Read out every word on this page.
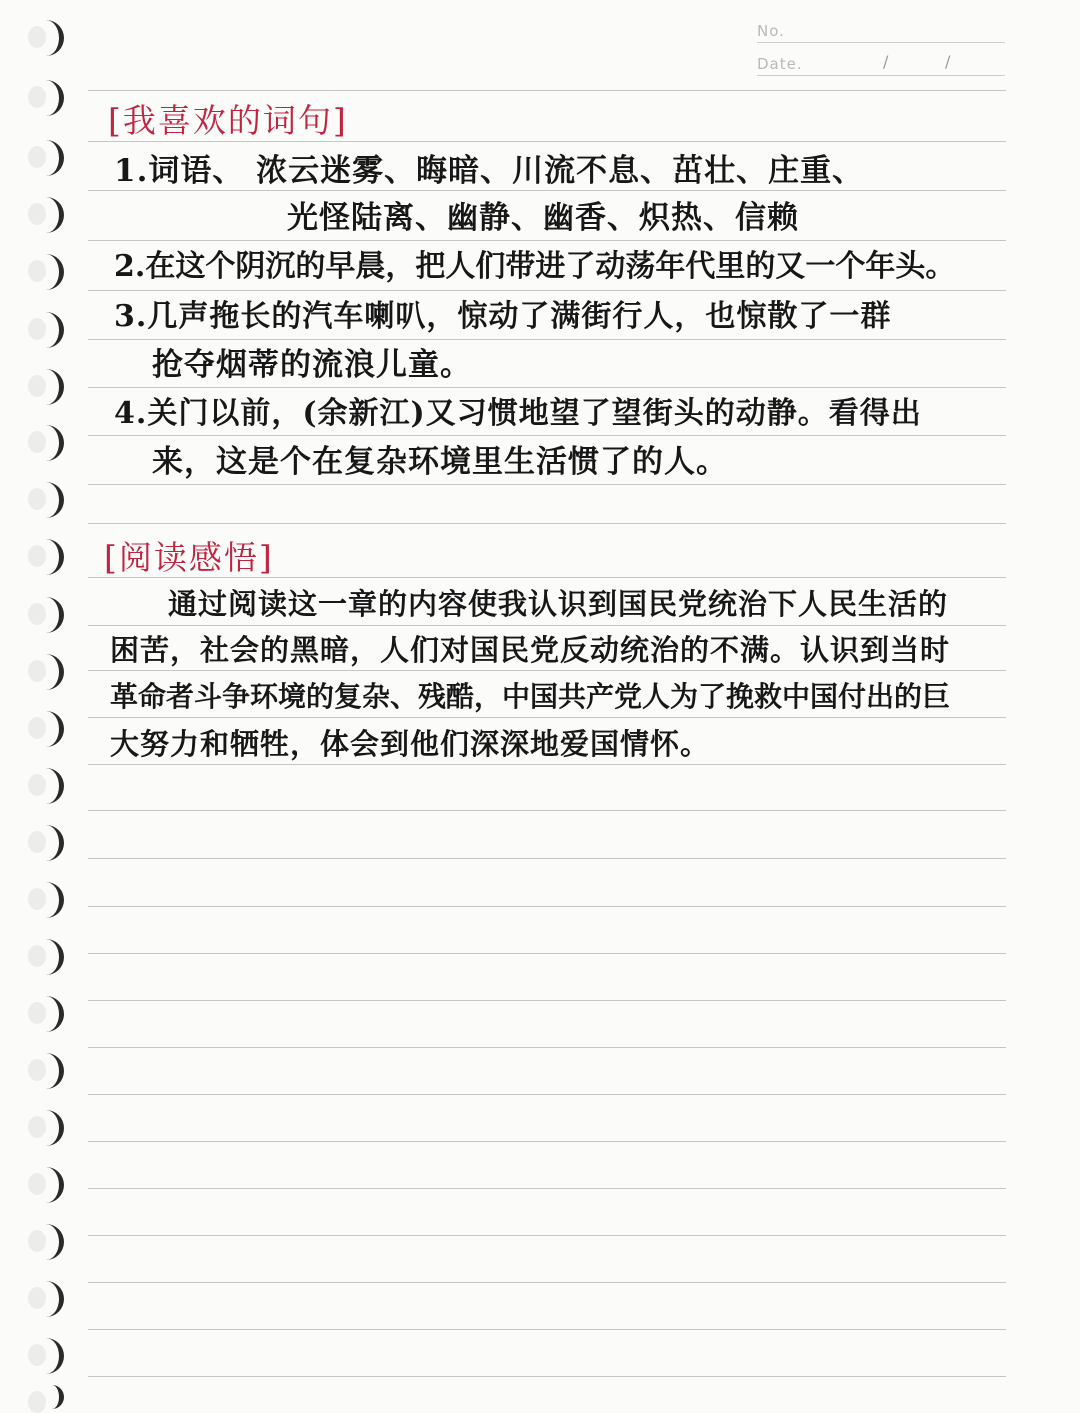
No.
Date.	/	/
[我喜欢的词句]
1.词语、 浓云迷雾、晦暗、川流不息、茁壮、庄重、
光怪陆离、幽静、幽香、炽热、信赖
2.在这个阴沉的早晨，把人们带进了动荡年代里的又一个年头。
3.几声拖长的汽车喇叭，惊动了满街行人，也惊散了一群
抢夺烟蒂的流浪儿童。
4.关门以前，(余新江)又习惯地望了望街头的动静。看得出
来，这是个在复杂环境里生活惯了的人。
[阅读感悟]
通过阅读这一章的内容使我认识到国民党统治下人民生活的
困苦，社会的黑暗，人们对国民党反动统治的不满。认识到当时
革命者斗争环境的复杂、残酷，中国共产党人为了挽救中国付出的巨
大努力和牺牲，体会到他们深深地爱国情怀。
